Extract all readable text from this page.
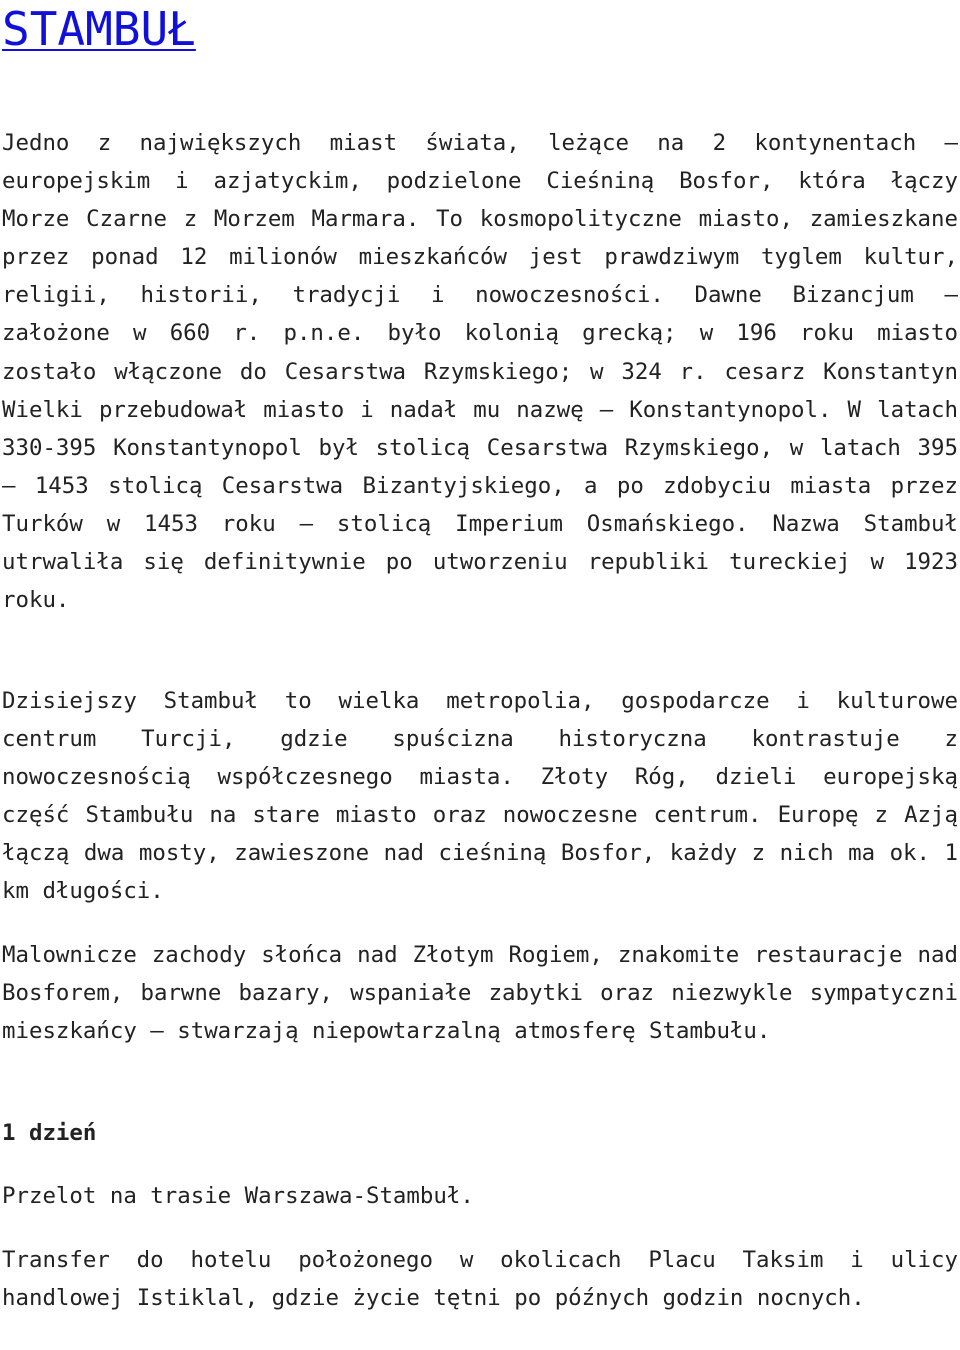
STAMBUŁ

Jedno z największych miast świata, leżące na 2 kontynentach – europejskim i azjatyckim, podzielone Cieśniną Bosfor, która łączy Morze Czarne z Morzem Marmara. To kosmopolityczne miasto, zamieszkane przez ponad 12 milionów mieszkańców jest prawdziwym tyglem kultur, religii, historii, tradycji i nowoczesności. Dawne Bizancjum – założone w 660 r. p.n.e. było kolonią grecką; w 196 roku miasto zostało włączone do Cesarstwa Rzymskiego; w 324 r. cesarz Konstantyn Wielki przebudował miasto i nadał mu nazwę – Konstantynopol. W latach 330-395 Konstantynopol był stolicą Cesarstwa Rzymskiego, w latach 395 – 1453 stolicą Cesarstwa Bizantyjskiego, a po zdobyciu miasta przez Turków w 1453 roku – stolicą Imperium Osmańskiego. Nazwa Stambuł utrwaliła się definitywnie po utworzeniu republiki tureckiej w 1923 roku.

Dzisiejszy Stambuł to wielka metropolia, gospodarcze i kulturowe centrum Turcji, gdzie spuścizna historyczna kontrastuje z nowoczesnością współczesnego miasta. Złoty Róg, dzieli europejską część Stambułu na stare miasto oraz nowoczesne centrum. Europę z Azją łączą dwa mosty, zawieszone nad cieśniną Bosfor, każdy z nich ma ok. 1 km długości.

Malownicze zachody słońca nad Złotym Rogiem, znakomite restauracje nad Bosforem, barwne bazary, wspaniałe zabytki oraz niezwykle sympatyczni mieszkańcy – stwarzają niepowtarzalną atmosferę Stambułu.

1 dzień

Przelot na trasie Warszawa-Stambuł.

Transfer do hotelu położonego w okolicach Placu Taksim i ulicy handlowej Istiklal, gdzie życie tętni po późnych godzin nocnych.
